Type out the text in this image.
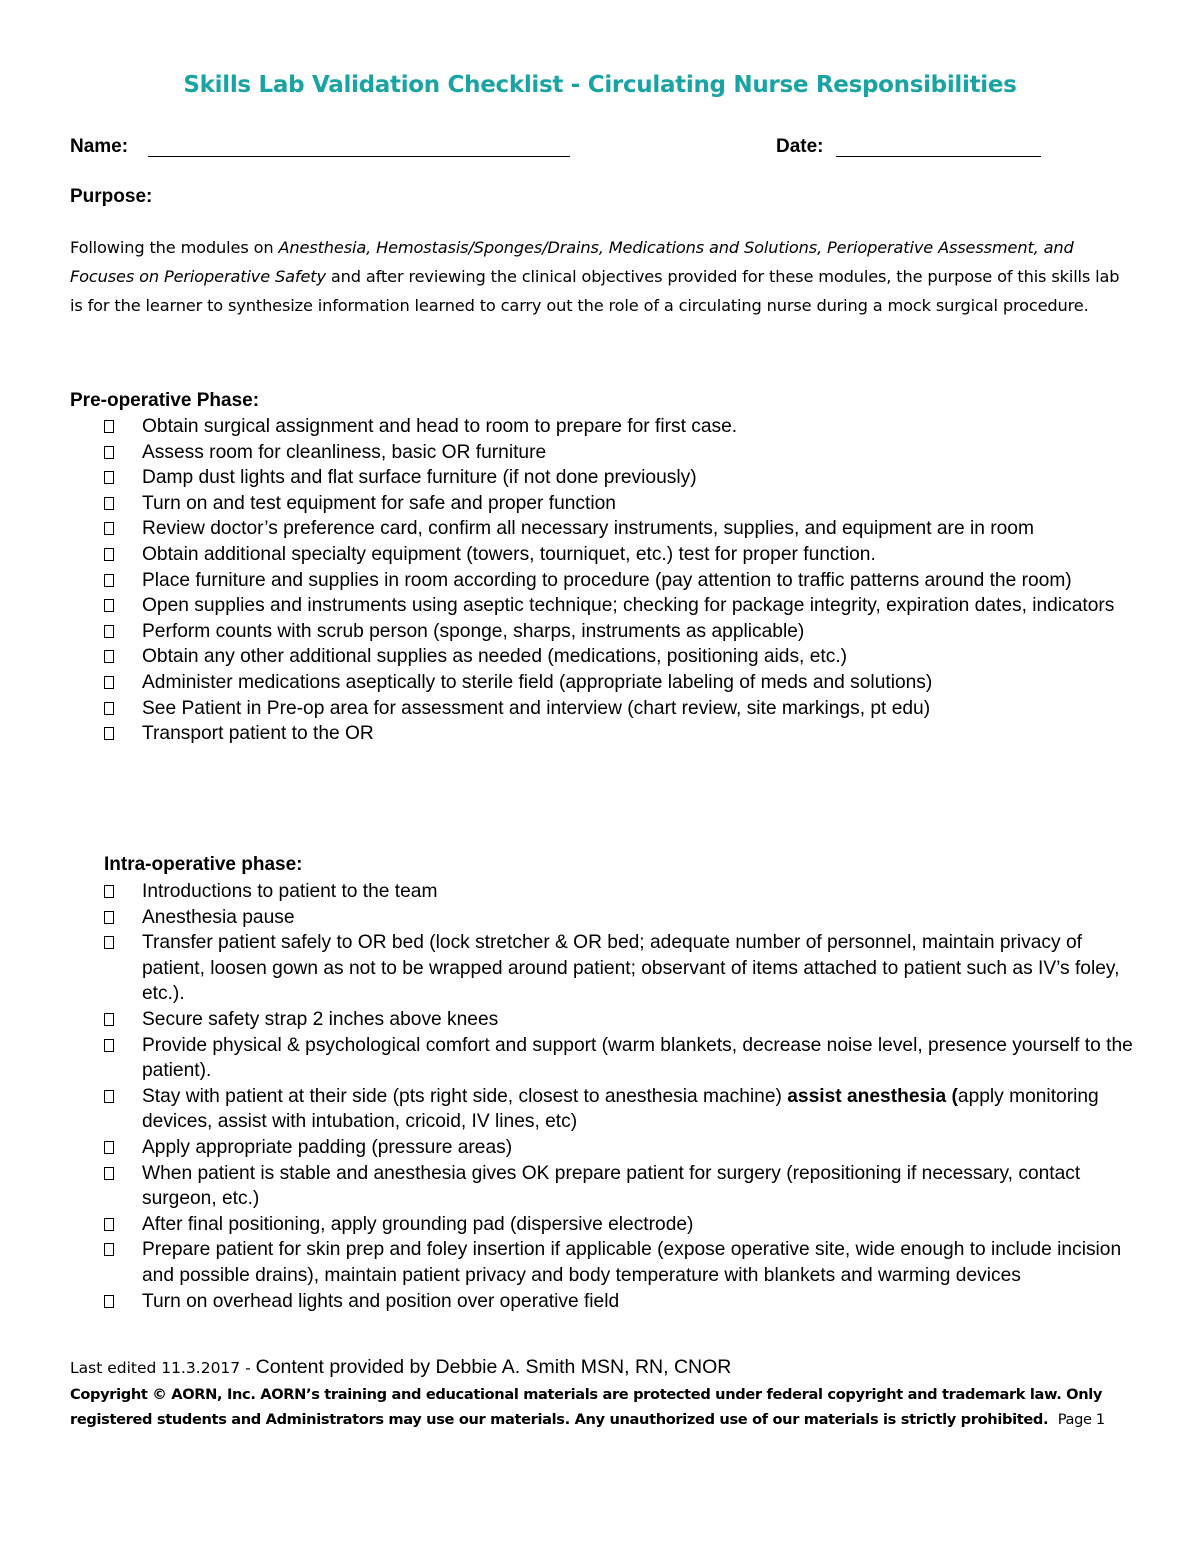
Skills Lab Validation Checklist - Circulating Nurse Responsibilities
Name:	Date:
Purpose:
Following the modules on Anesthesia, Hemostasis/Sponges/Drains, Medications and Solutions, Perioperative Assessment, and Focuses on Perioperative Safety and after reviewing the clinical objectives provided for these modules, the purpose of this skills lab is for the learner to synthesize information learned to carry out the role of a circulating nurse during a mock surgical procedure.
Pre-operative Phase:
Obtain surgical assignment and head to room to prepare for first case.
Assess room for cleanliness, basic OR furniture
Damp dust lights and flat surface furniture (if not done previously)
Turn on and test equipment for safe and proper function
Review doctor’s preference card, confirm all necessary instruments, supplies, and equipment are in room
Obtain additional specialty equipment (towers, tourniquet, etc.) test for proper function.
Place furniture and supplies in room according to procedure (pay attention to traffic patterns around the room)
Open supplies and instruments using aseptic technique; checking for package integrity, expiration dates, indicators
Perform counts with scrub person (sponge, sharps, instruments as applicable)
Obtain any other additional supplies as needed (medications, positioning aids, etc.)
Administer medications aseptically to sterile field (appropriate labeling of meds and solutions)
See Patient in Pre-op area for assessment and interview (chart review, site markings, pt edu)
Transport patient to the OR
Intra-operative phase:
Introductions to patient to the team
Anesthesia pause
Transfer patient safely to OR bed (lock stretcher & OR bed; adequate number of personnel, maintain privacy of patient, loosen gown as not to be wrapped around patient; observant of items attached to patient such as IV’s foley, etc.).
Secure safety strap 2 inches above knees
Provide physical & psychological comfort and support (warm blankets, decrease noise level, presence yourself to the patient).
Stay with patient at their side (pts right side, closest to anesthesia machine) assist anesthesia (apply monitoring devices, assist with intubation, cricoid, IV lines, etc)
Apply appropriate padding (pressure areas)
When patient is stable and anesthesia gives OK prepare patient for surgery (repositioning if necessary, contact surgeon, etc.)
After final positioning, apply grounding pad (dispersive electrode)
Prepare patient for skin prep and foley insertion if applicable (expose operative site, wide enough to include incision and possible drains), maintain patient privacy and body temperature with blankets and warming devices
Turn on overhead lights and position over operative field
Last edited 11.3.2017 - Content provided by Debbie A. Smith MSN, RN, CNOR
Copyright © AORN, Inc. AORN’s training and educational materials are protected under federal copyright and trademark law. Only registered students and Administrators may use our materials. Any unauthorized use of our materials is strictly prohibited. Page 1
